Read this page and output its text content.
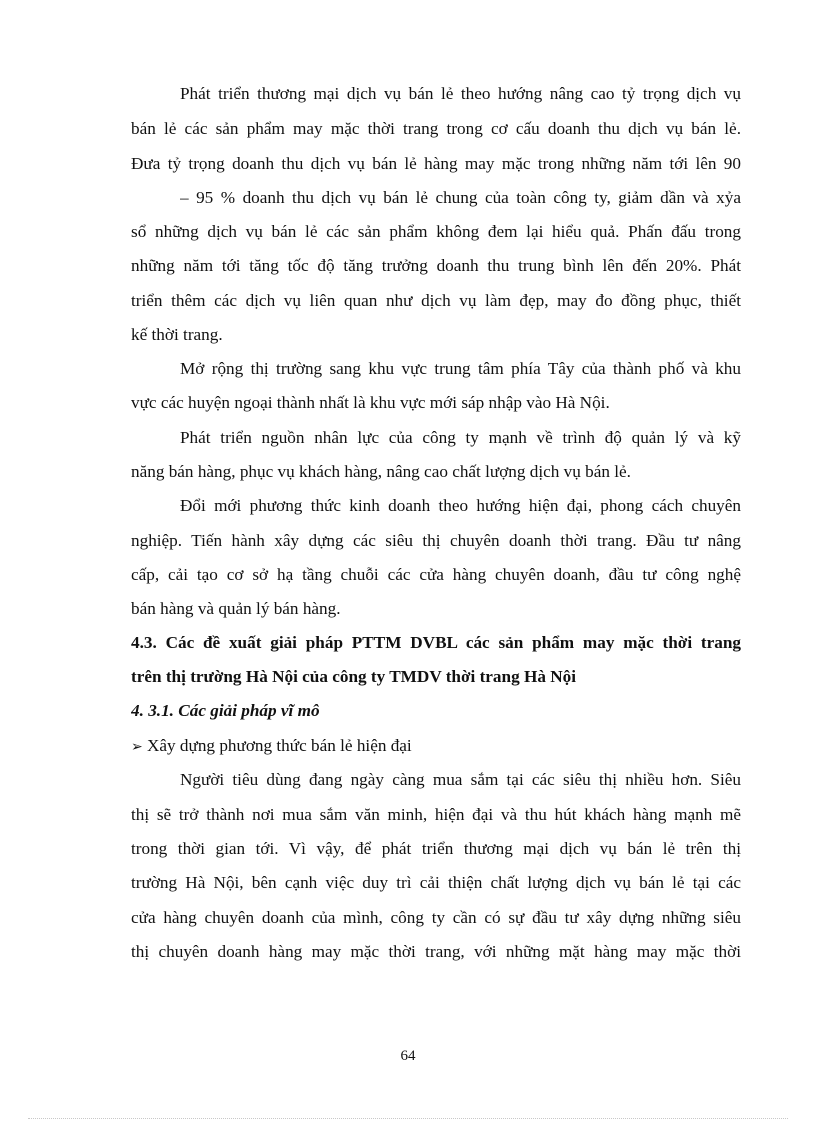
Phát triển thương mại dịch vụ bán lẻ theo hướng nâng cao tỷ trọng dịch vụ
bán lẻ các sản phẩm may mặc thời trang trong cơ cấu doanh thu dịch vụ bán lẻ.
Đưa tỷ trọng doanh thu dịch vụ bán lẻ hàng may mặc trong những năm tới lên 90
– 95 % doanh thu dịch vụ bán lẻ chung của toàn công ty, giảm dần và xỷa
sổ những dịch vụ bán lẻ các sản phẩm không đem lại hiểu quả. Phấn đấu trong
những năm tới tăng tốc độ tăng trưởng doanh thu trung bình lên đến 20%. Phát
triển thêm các dịch vụ liên quan như dịch vụ làm đẹp, may đo đồng phục, thiết
kế thời trang.
Mở rộng thị trường sang khu vực trung tâm phía Tây của thành phố và khu
vực các huyện ngoại thành nhất là khu vực mới sáp nhập vào Hà Nội.
Phát triển nguồn nhân lực của công ty mạnh về trình độ quản lý và kỹ
năng bán hàng, phục vụ khách hàng, nâng cao chất lượng dịch vụ bán lẻ.
Đổi mới phương thức kinh doanh theo hướng hiện đại, phong cách chuyên
nghiệp. Tiến hành xây dựng các siêu thị chuyên doanh thời trang. Đầu tư nâng
cấp, cải tạo cơ sở hạ tầng chuỗi các cửa hàng chuyên doanh, đầu tư công nghệ
bán hàng và quản lý bán hàng.
4.3. Các đề xuất giải pháp PTTM DVBL các sản phẩm may mặc thời trang
trên thị trường Hà Nội của công ty TMDV thời trang Hà Nội
4. 3.1. Các giải pháp vĩ mô
➢ Xây dựng phương thức bán lẻ hiện đại
Người tiêu dùng đang ngày càng mua sắm tại các siêu thị nhiều hơn. Siêu
thị sẽ trở thành nơi mua sắm văn minh, hiện đại và thu hút khách hàng mạnh mẽ
trong thời gian tới. Vì vậy, để phát triển thương mại dịch vụ bán lẻ trên thị
trường Hà Nội, bên cạnh việc duy trì cải thiện chất lượng dịch vụ bán lẻ tại các
cửa hàng chuyên doanh của mình, công ty cần có sự đầu tư xây dựng những siêu
thị chuyên doanh hàng may mặc thời trang, với những mặt hàng may mặc thời
64
